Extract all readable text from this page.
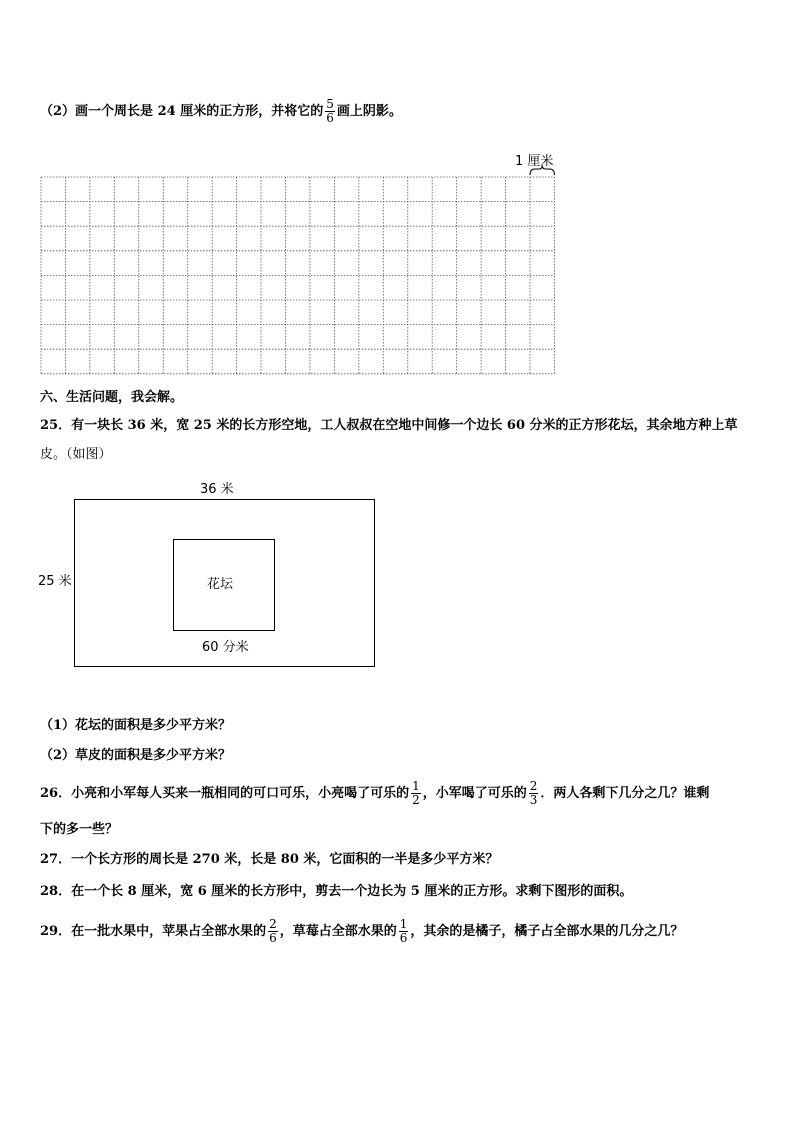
（2）画一个周长是 24 厘米的正方形，并将它的 $\frac{5}{6}$ 画上阴影。
1 厘米
六、生活问题，我会解。
25．有一块长 36 米，宽 25 米的长方形空地，工人叔叔在空地中间修一个边长 60 分米的正方形花坛，其余地方种上草
皮。（如图）
36 米
25 米	花坛
60 分米
（1）花坛的面积是多少平方米？
（2）草皮的面积是多少平方米？
26．小亮和小军每人买来一瓶相同的可口可乐，小亮喝了可乐的 $\frac{1}{2}$ ，小军喝了可乐的 $\frac{2}{3}$ ．两人各剩下几分之几？谁剩
下的多一些？
27．一个长方形的周长是 270 米，长是 80 米，它面积的一半是多少平方米？
28．在一个长 8 厘米，宽 6 厘米的长方形中，剪去一个边长为 5 厘米的正方形。求剩下图形的面积。
29．在一批水果中，苹果占全部水果的 $\frac{2}{6}$ ，草莓占全部水果的 $\frac{1}{6}$ ，其余的是橘子，橘子占全部水果的几分之几？
